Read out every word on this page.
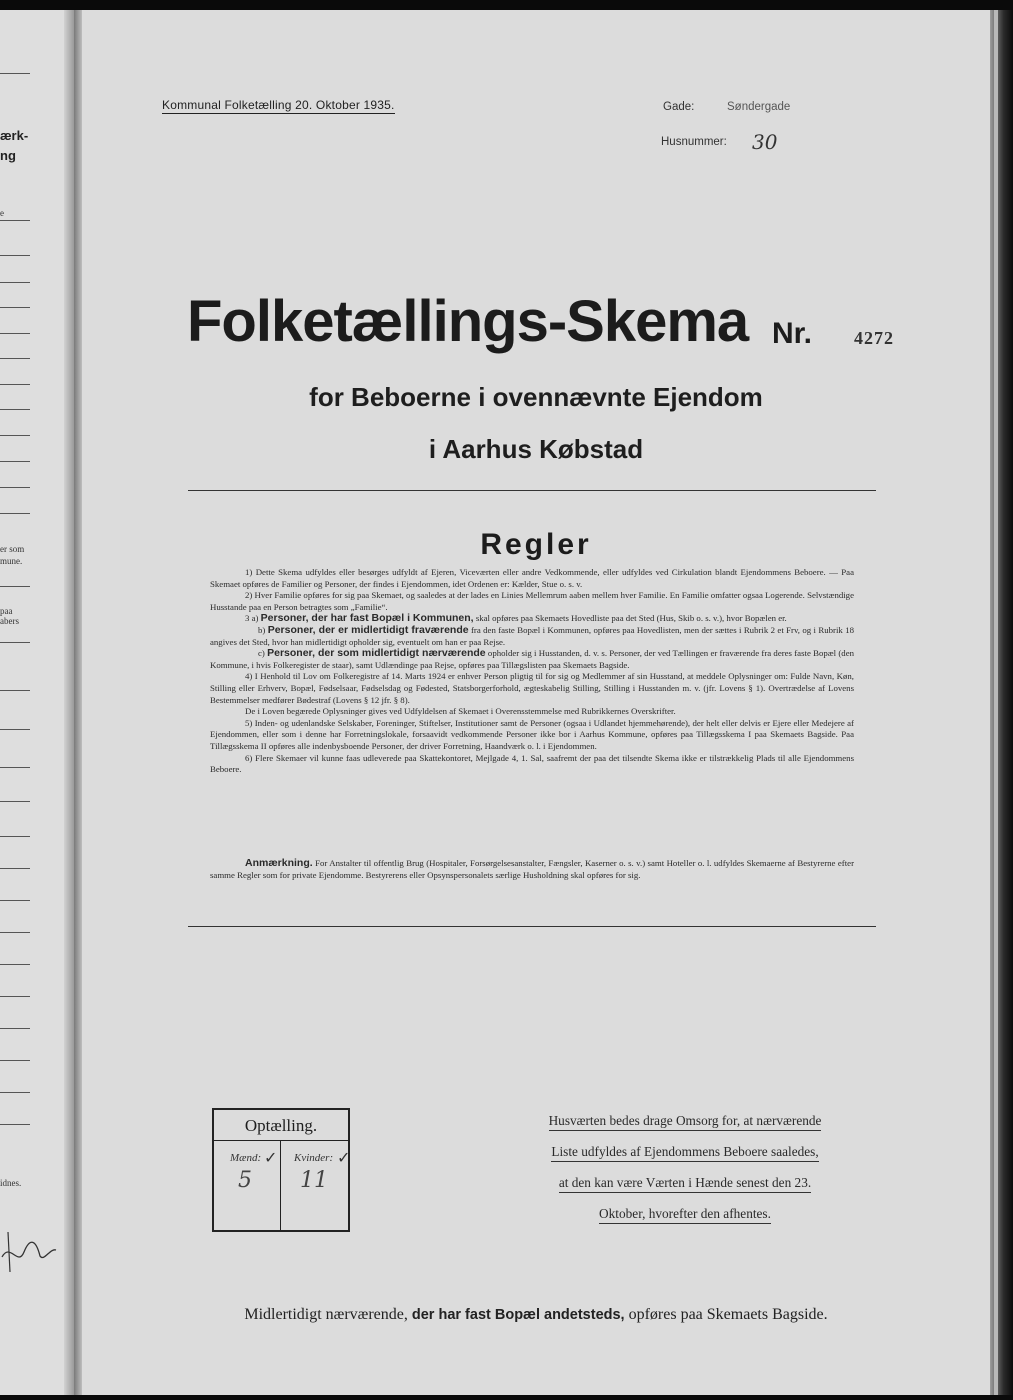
ærk-
ng
e
er som
mune.
paa
abers
idnes.
Kommunal Folketælling 20. Oktober 1935.	Gade:	Søndergade
Husnummer: 30
Folketællings-Skema Nr. 4272
for Beboerne i ovennævnte Ejendom
i Aarhus Købstad
Regler

1) Dette Skema udfyldes eller besørges udfyldt af Ejeren, Viceværten eller andre Vedkommende, eller udfyldes ved Cirkulation blandt Ejendommens Beboere. — Paa Skemaet opføres de Familier og Personer, der findes i Ejendommen, idet Ordenen er: Kælder, Stue o. s. v.

2) Hver Familie opføres for sig paa Skemaet, og saaledes at der lades en Linies Mellemrum aaben mellem hver Familie. En Familie omfatter ogsaa Logerende. Selvstændige Husstande paa en Person betragtes som „Familie“.

3 a) Personer, der har fast Bopæl i Kommunen, skal opføres paa Skemaets Hovedliste paa det Sted (Hus, Skib o. s. v.), hvor Bopælen er.

b) Personer, der er midlertidigt fraværende fra den faste Bopæl i Kommunen, opføres paa Hovedlisten, men der sættes i Rubrik 2 et Frv, og i Rubrik 18 angives det Sted, hvor han midlertidigt opholder sig, eventuelt om han er paa Rejse.

c) Personer, der som midlertidigt nærværende opholder sig i Husstanden, d. v. s. Personer, der ved Tællingen er fraværende fra deres faste Bopæl (den Kommune, i hvis Folkeregister de staar), samt Udlændinge paa Rejse, opføres paa Tillægslisten paa Skemaets Bagside.

4) I Henhold til Lov om Folkeregistre af 14. Marts 1924 er enhver Person pligtig til for sig og Medlemmer af sin Husstand, at meddele Oplysninger om: Fulde Navn, Køn, Stilling eller Erhverv, Bopæl, Fødselsaar, Fødselsdag og Fødested, Statsborgerforhold, ægteskabelig Stilling, Stilling i Husstanden m. v. (jfr. Lovens § 1). Overtrædelse af Lovens Bestemmelser medfører Bødestraf (Lovens § 12 jfr. § 8).

De i Loven begærede Oplysninger gives ved Udfyldelsen af Skemaet i Overensstemmelse med Rubrikkernes Overskrifter.

5) Inden- og udenlandske Selskaber, Foreninger, Stiftelser, Institutioner samt de Personer (ogsaa i Udlandet hjemmehørende), der helt eller delvis er Ejere eller Medejere af Ejendommen, eller som i denne har Forretningslokale, forsaavidt vedkommende Personer ikke bor i Aarhus Kommune, opføres paa Tillægsskema I paa Skemaets Bagside. Paa Tillægsskema II opføres alle indenbysboende Personer, der driver Forretning, Haandværk o. l. i Ejendommen.

6) Flere Skemaer vil kunne faas udleverede paa Skattekontoret, Mejlgade 4, 1. Sal, saafremt der paa det tilsendte Skema ikke er tilstrækkelig Plads til alle Ejendommens Beboere.

Anmærkning. For Anstalter til offentlig Brug (Hospitaler, Forsørgelsesanstalter, Fængsler, Kaserner o. s. v.) samt Hoteller o. l. udfyldes Skemaerne af Bestyrerne efter samme Regler som for private Ejendomme. Bestyrerens eller Opsynspersonalets særlige Husholdning skal opføres for sig.

Optælling.
Mænd: ✓ Kvinder: ✓
5 11
Husværten bedes drage Omsorg for, at nærværende
Liste udfyldes af Ejendommens Beboere saaledes,
at den kan være Værten i Hænde senest den 23.
Oktober, hvorefter den afhentes.
Midlertidigt nærværende, der har fast Bopæl andetsteds, opføres paa Skemaets Bagside.
